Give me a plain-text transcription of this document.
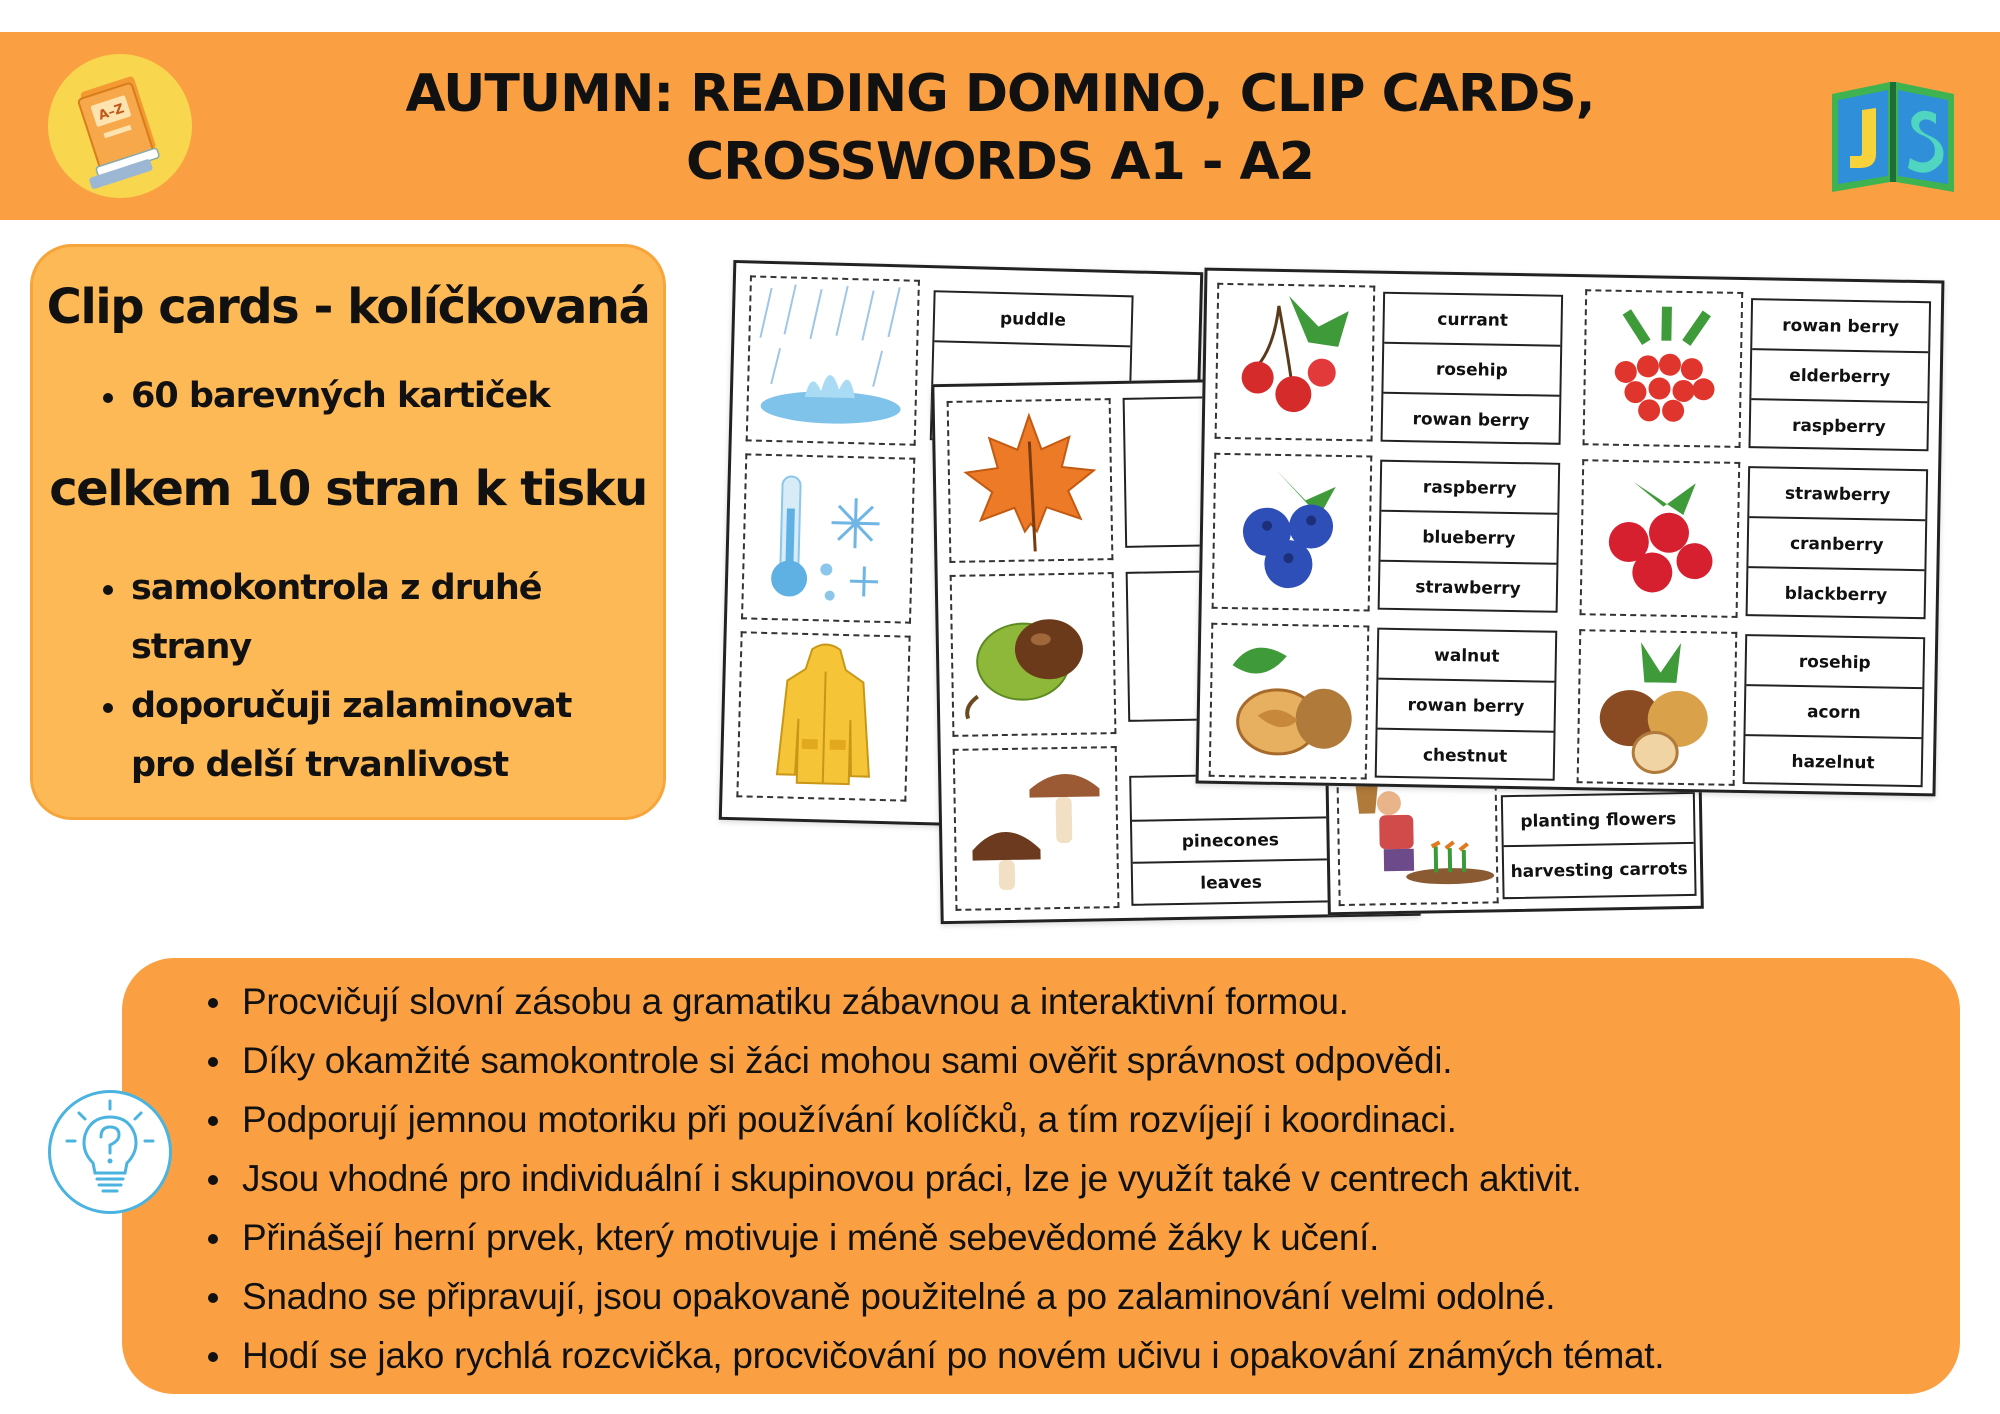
A–Z	AUTUMN: READING DOMINO, CLIP CARDS,
CROSSWORDS A1 - A2
Clip cards - kolíčkovaná
60 barevných kartiček
celkem 10 stran k tisku
samokontrola z druhé strany
doporučuji zalaminovat pro delší trvanlivost
puddle
pinecones
leaves
planting flowers
harvesting carrots
currant
rosehip
rowan berry
rowan berry
elderberry
raspberry
raspberry
blueberry
strawberry
strawberry
cranberry
blackberry
walnut
rowan berry
chestnut
rosehip
acorn
hazelnut
Procvičují slovní zásobu a gramatiku zábavnou a interaktivní formou.
Díky okamžité samokontrole si žáci mohou sami ověřit správnost odpovědi.
Podporují jemnou motoriku při používání kolíčků, a tím rozvíjejí i koordinaci.
Jsou vhodné pro individuální i skupinovou práci, lze je využít také v centrech aktivit.
Přinášejí herní prvek, který motivuje i méně sebevědomé žáky k učení.
Snadno se připravují, jsou opakovaně použitelné a po zalaminování velmi odolné.
Hodí se jako rychlá rozcvička, procvičování po novém učivu i opakování známých témat.
